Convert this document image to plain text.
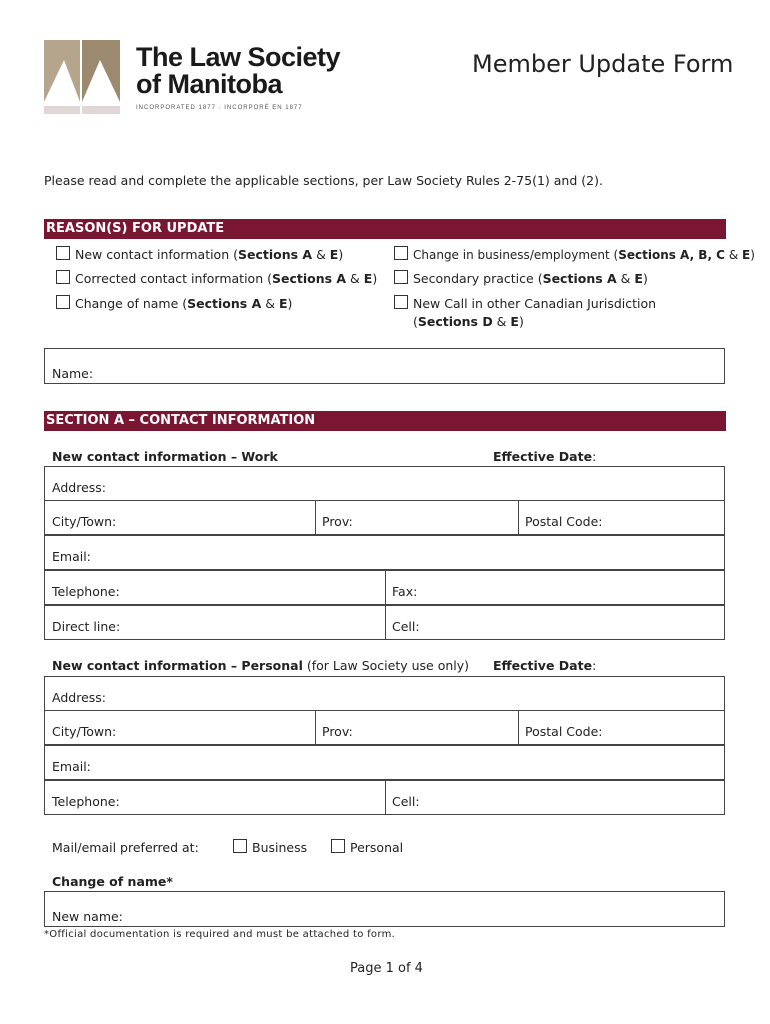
The Law Society
of Manitoba
INCORPORATED 1877 · INCORPORÉ EN 1877
Member Update Form
Please read and complete the applicable sections, per Law Society Rules 2-75(1) and (2).
REASON(S) FOR UPDATE
New contact information (Sections A & E)
Corrected contact information (Sections A & E)
Change of name (Sections A & E)
Change in business/employment (Sections A, B, C & E)
Secondary practice (Sections A & E)
New Call in other Canadian Jurisdiction
(Sections D & E)
Name:
SECTION A – CONTACT INFORMATION
New contact information – Work	Effective Date:
Address:
City/Town:	Prov:	Postal Code:
Email:
Telephone:	Fax:
Direct line:	Cell:
New contact information – Personal (for Law Society use only) Effective Date:
Address:
City/Town:	Prov:	Postal Code:
Email:
Telephone:	Cell:
Mail/email preferred at:	Business	Personal
Change of name*
New name:
*Official documentation is required and must be attached to form.
Page 1 of 4
